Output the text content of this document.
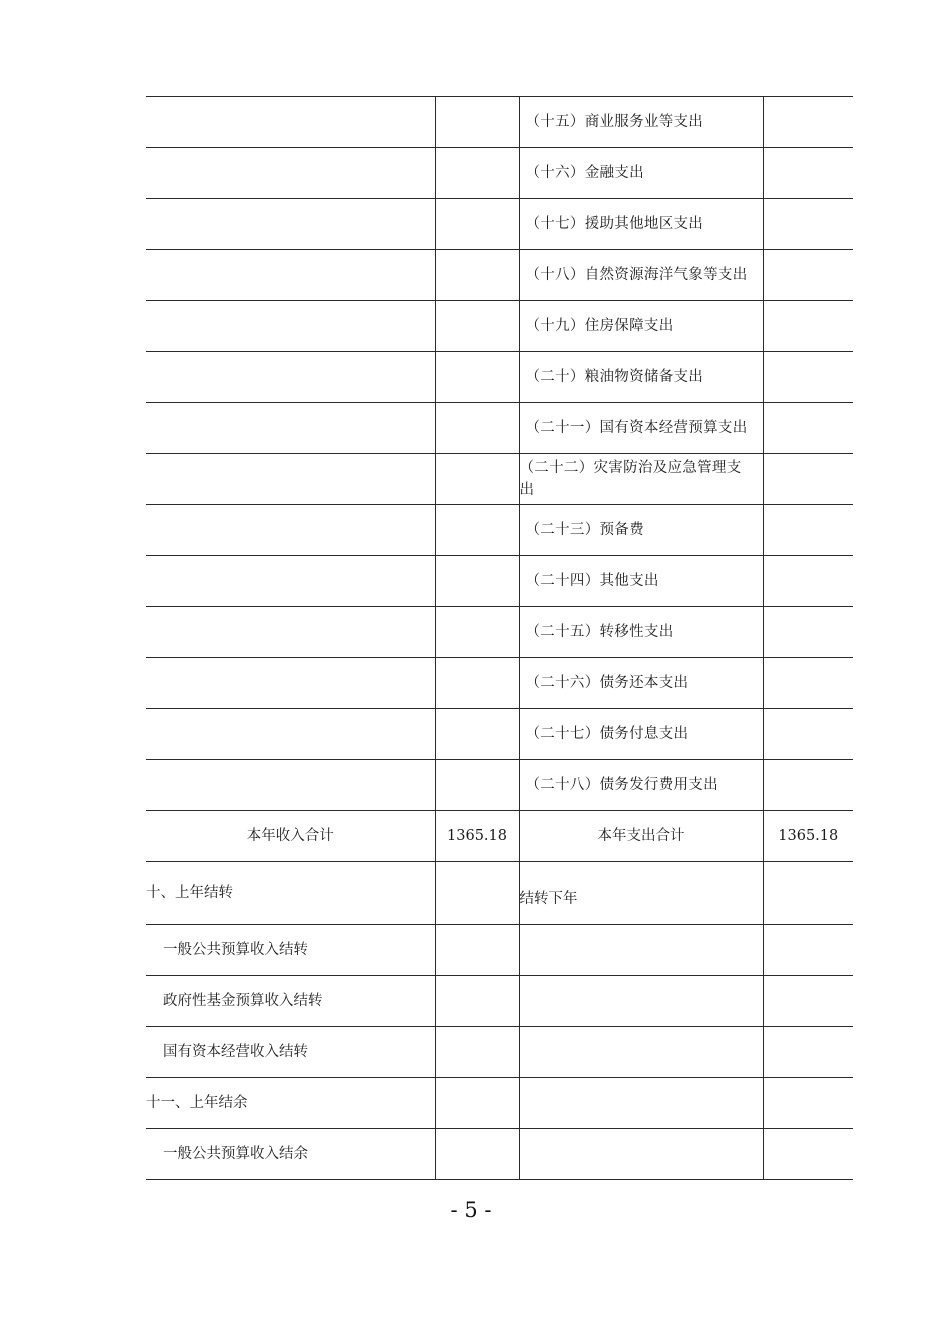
		（十五）商业服务业等支出	
		（十六）金融支出	
		（十七）援助其他地区支出	
		（十八）自然资源海洋气象等支出	
		（十九）住房保障支出	
		（二十）粮油物资储备支出	
		（二十一）国有资本经营预算支出	

		（二十二）灾害防治及应急管理支
出	

		（二十三）预备费	
		（二十四）其他支出	
		（二十五）转移性支出	
		（二十六）债务还本支出	
		（二十七）债务付息支出	
		（二十八）债务发行费用支出	
本年收入合计	1365.18	本年支出合计	1365.18
十、上年结转		结转下年	
一般公共预算收入结转			
政府性基金预算收入结转			
国有资本经营收入结转			
十一、上年结余			
一般公共预算收入结余			
- 5 -
